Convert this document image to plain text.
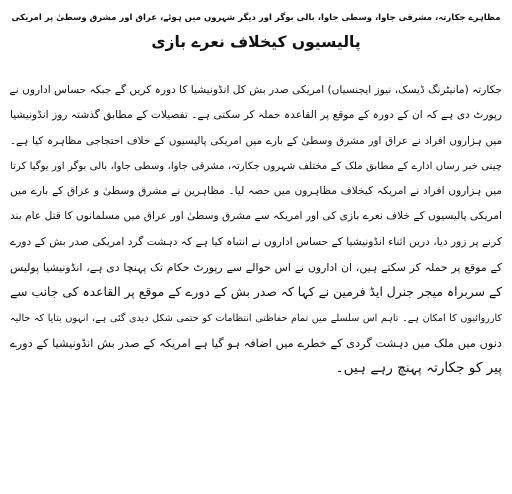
مظاہرے جکارتہ، مشرقی جاوا، وسطی جاوا، بالی بوگر اور دیگر شہروں میں ہوئے، عراق اور مشرق وسطیٰ پر امریکی
پالیسیوں کیخلاف نعرے بازی
جکارتہ (مانیٹرنگ ڈیسک، نیوز ایجنسیاں) امریکی صدر بش کل انڈونیشیا کا دورہ کریں گے جبکہ حساس اداروں نے
رپورٹ دی ہے کہ ان کے دورہ کے موقع پر القاعدہ حملہ کر سکتی ہے۔ تفصیلات کے مطابق گذشتہ روز انڈونیشیا
میں ہزاروں افراد نے عراق اور مشرق وسطیٰ کے بارے میں امریکی پالیسیوں کے خلاف احتجاجی مظاہرہ کیا ہے۔
چینی خبر رساں ادارے کے مطابق ملک کے مختلف شہروں جکارتہ، مشرقی جاوا، وسطی جاوا، بالی بوگر اور یوگیا کرتا
میں ہزاروں افراد نے امریکہ کیخلاف مظاہروں میں حصہ لیا۔ مظاہرین نے مشرق وسطیٰ و عراق کے بارے میں
امریکی پالیسیوں کے خلاف نعرے بازی کی اور امریکہ سے مشرق وسطیٰ اور عراق میں مسلمانوں کا قتل عام بند
کرنے پر زور دیا، دریں اثناء انڈونیشیا کے حساس اداروں نے انتباہ کیا ہے کہ دہشت گرد امریکی صدر بش کے دورے
کے موقع پر حملہ کر سکتے ہیں، ان اداروں نے اس حوالے سے رپورٹ حکام تک پہنچا دی ہے، انڈونیشیا پولیس
کے سربراہ میجر جنرل ایڈ فرمین نے کہا کہ صدر بش کے دورے کے موقع پر القاعدہ کی جانب سے
کارروائیوں کا امکان ہے۔ تاہم اس سلسلے میں تمام حفاظتی انتظامات کو حتمی شکل دیدی گئی ہے، انہوں بتایا کہ حالیہ
دنوں میں ملک میں دہشت گردی کے خطرے میں اضافہ ہو گیا ہے امریکہ کے صدر بش انڈونیشیا کے دورے
پیر کو جکارتہ پہنچ رہے ہیں۔
